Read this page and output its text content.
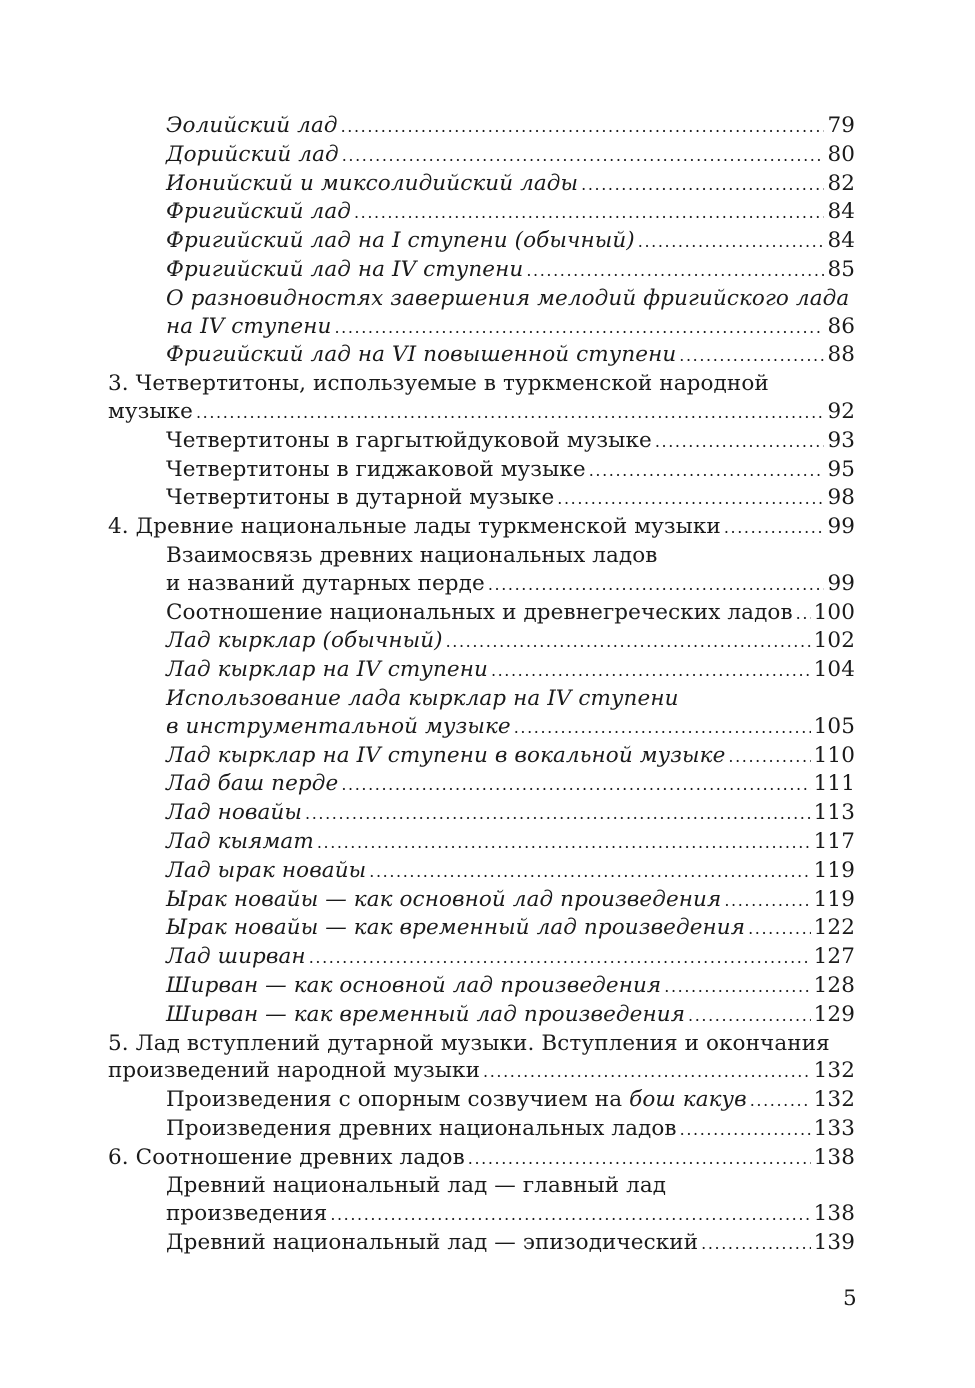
Эолийский лад .....	79
Дорийский лад .....	80
Ионийский и миксолидийский лады .....	82
Фригийский лад .....	84
Фригийский лад на I ступени (обычный) .....	84
Фригийский лад на IV ступени .....	85
О разновидностях завершения мелодий фригийского лада
на IV ступени .....	86
Фригийский лад на VI повышенной ступени .....	88
3. Четвертитоны, используемые в туркменской народной
музыке .....	92
Четвертитоны в гаргытюйдуковой музыке .....	93
Четвертитоны в гиджаковой музыке .....	95
Четвертитоны в дутарной музыке .....	98
4. Древние национальные лады туркменской музыки .....	99
Взаимосвязь древних национальных ладов
и названий дутарных перде .....	99
Соотношение национальных и древнегреческих ладов ..... 100
Лад кырклар (обычный) .....	102
Лад кырклар на IV ступени .....	104
Использование лада кырклар на IV ступени
в инструментальной музыке .....	105
Лад кырклар на IV ступени в вокальной музыке .....	110
Лад баш перде .....	111
Лад новайы .....	113
Лад кыямат .....	117
Лад ырак новайы .....	119
Ырак новайы — как основной лад произведения .....	119
Ырак новайы — как временный лад произведения .....	122
Лад ширван .....	127
Ширван — как основной лад произведения .....	128
Ширван — как временный лад произведения .....	129
5. Лад вступлений дутарной музыки. Вступления и окончания
произведений народной музыки .....	132
Произведения с опорным созвучием на бош какув .....	132
Произведения древних национальных ладов .....	133
6. Соотношение древних ладов .....	138
Древний национальный лад — главный лад
произведения .....	138
Древний национальный лад — эпизодический .....	139
5
